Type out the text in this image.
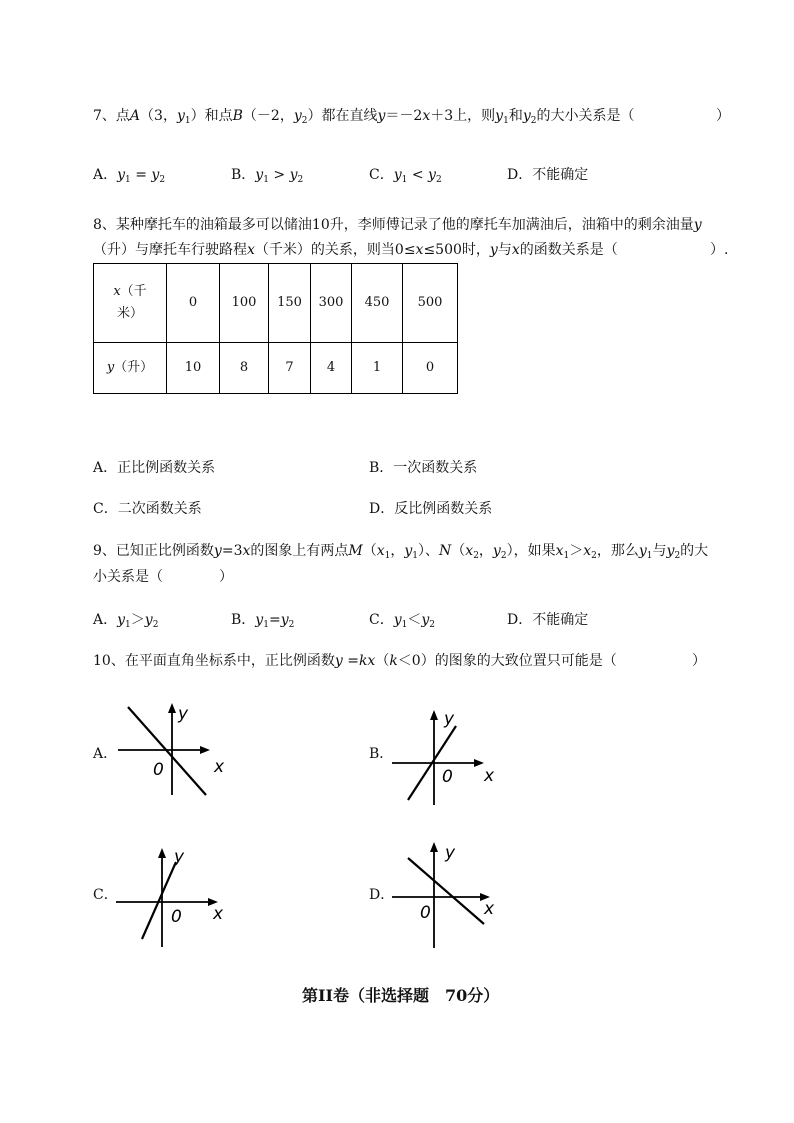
7、点A（3，$y_1$）和点B（－2，$y_2$）都在直线y＝－2x＋3上，则$y_1$和$y_2$的大小关系是（	）
A．$y_1 = y_2$	B．$y_1 > y_2$	C．$y_1 < y_2$	D．不能确定
8、某种摩托车的油箱最多可以储油10升，李师傅记录了他的摩托车加满油后，油箱中的剩余油量y
（升）与摩托车行驶路程x（千米）的关系，则当0≤x≤500时，y与x的函数关系是（	）.
x（千
米）	0	100	150	300	450	500
y（升）	10	8	7	4	1	0
A．正比例函数关系	B．一次函数关系
C．二次函数关系	D．反比例函数关系
9、已知正比例函数y=3x的图象上有两点$M(x_1$，$y_1$）、$N(x_2$，$y_2$），如果$x_1>x_2$，那么$y_1$与$y_2$的大
小关系是（	）
A．$y_1>y_2$	B．$y_1=y_2$	C．$y_1<y_2$	D．不能确定
10、在平面直角坐标系中，正比例函数y =kx（k＜0）的图象的大致位置只可能是（	）
A．
x
y
0
B．
x
y
0
C．
x
y
0
D．
x
y
0
第II卷（非选择题　70分）
